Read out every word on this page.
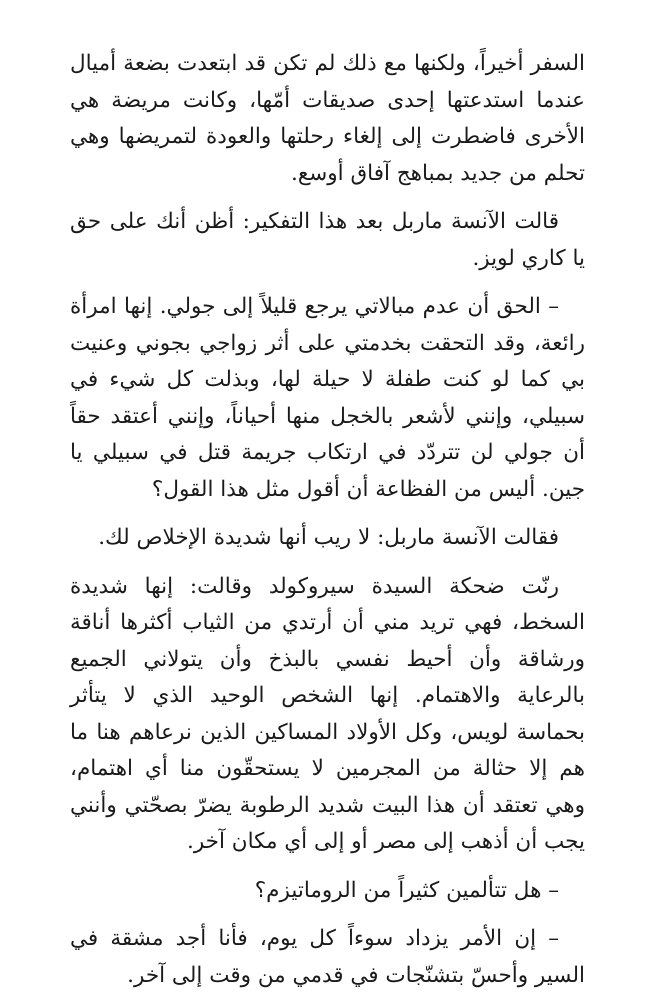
السفر أخيراً، ولكنها مع ذلك لم تكن قد ابتعدت بضعة أميال عندما استدعتها إحدى صديقات أمّها، وكانت مريضة هي الأخرى فاضطرت إلى إلغاء رحلتها والعودة لتمريضها وهي تحلم من جديد بمباهج آفاق أوسع.

قالت الآنسة ماربل بعد هذا التفكير: أظن أنك على حق يا كاري لويز.

– الحق أن عدم مبالاتي يرجع قليلاً إلى جولي. إنها امرأة رائعة، وقد التحقت بخدمتي على أثر زواجي بجوني وعنيت بي كما لو كنت طفلة لا حيلة لها، وبذلت كل شيء في سبيلي، وإنني لأشعر بالخجل منها أحياناً، وإنني أعتقد حقاً أن جولي لن تتردّد في ارتكاب جريمة قتل في سبيلي يا جين. أليس من الفظاعة أن أقول مثل هذا القول؟

فقالت الآنسة ماربل: لا ريب أنها شديدة الإخلاص لك.

رنّت ضحكة السيدة سيروكولد وقالت: إنها شديدة السخط، فهي تريد مني أن أرتدي من الثياب أكثرها أناقة ورشاقة وأن أحيط نفسي بالبذخ وأن يتولاني الجميع بالرعاية والاهتمام. إنها الشخص الوحيد الذي لا يتأثر بحماسة لويس، وكل الأولاد المساكين الذين نرعاهم هنا ما هم إلا حثالة من المجرمين لا يستحقّون منا أي اهتمام، وهي تعتقد أن هذا البيت شديد الرطوبة يضرّ بصحّتي وأنني يجب أن أذهب إلى مصر أو إلى أي مكان آخر.

– هل تتألمين كثيراً من الروماتيزم؟

– إن الأمر يزداد سوءاً كل يوم، فأنا أجد مشقة في السير وأحسّ بتشنّجات في قدمي من وقت إلى آخر.
